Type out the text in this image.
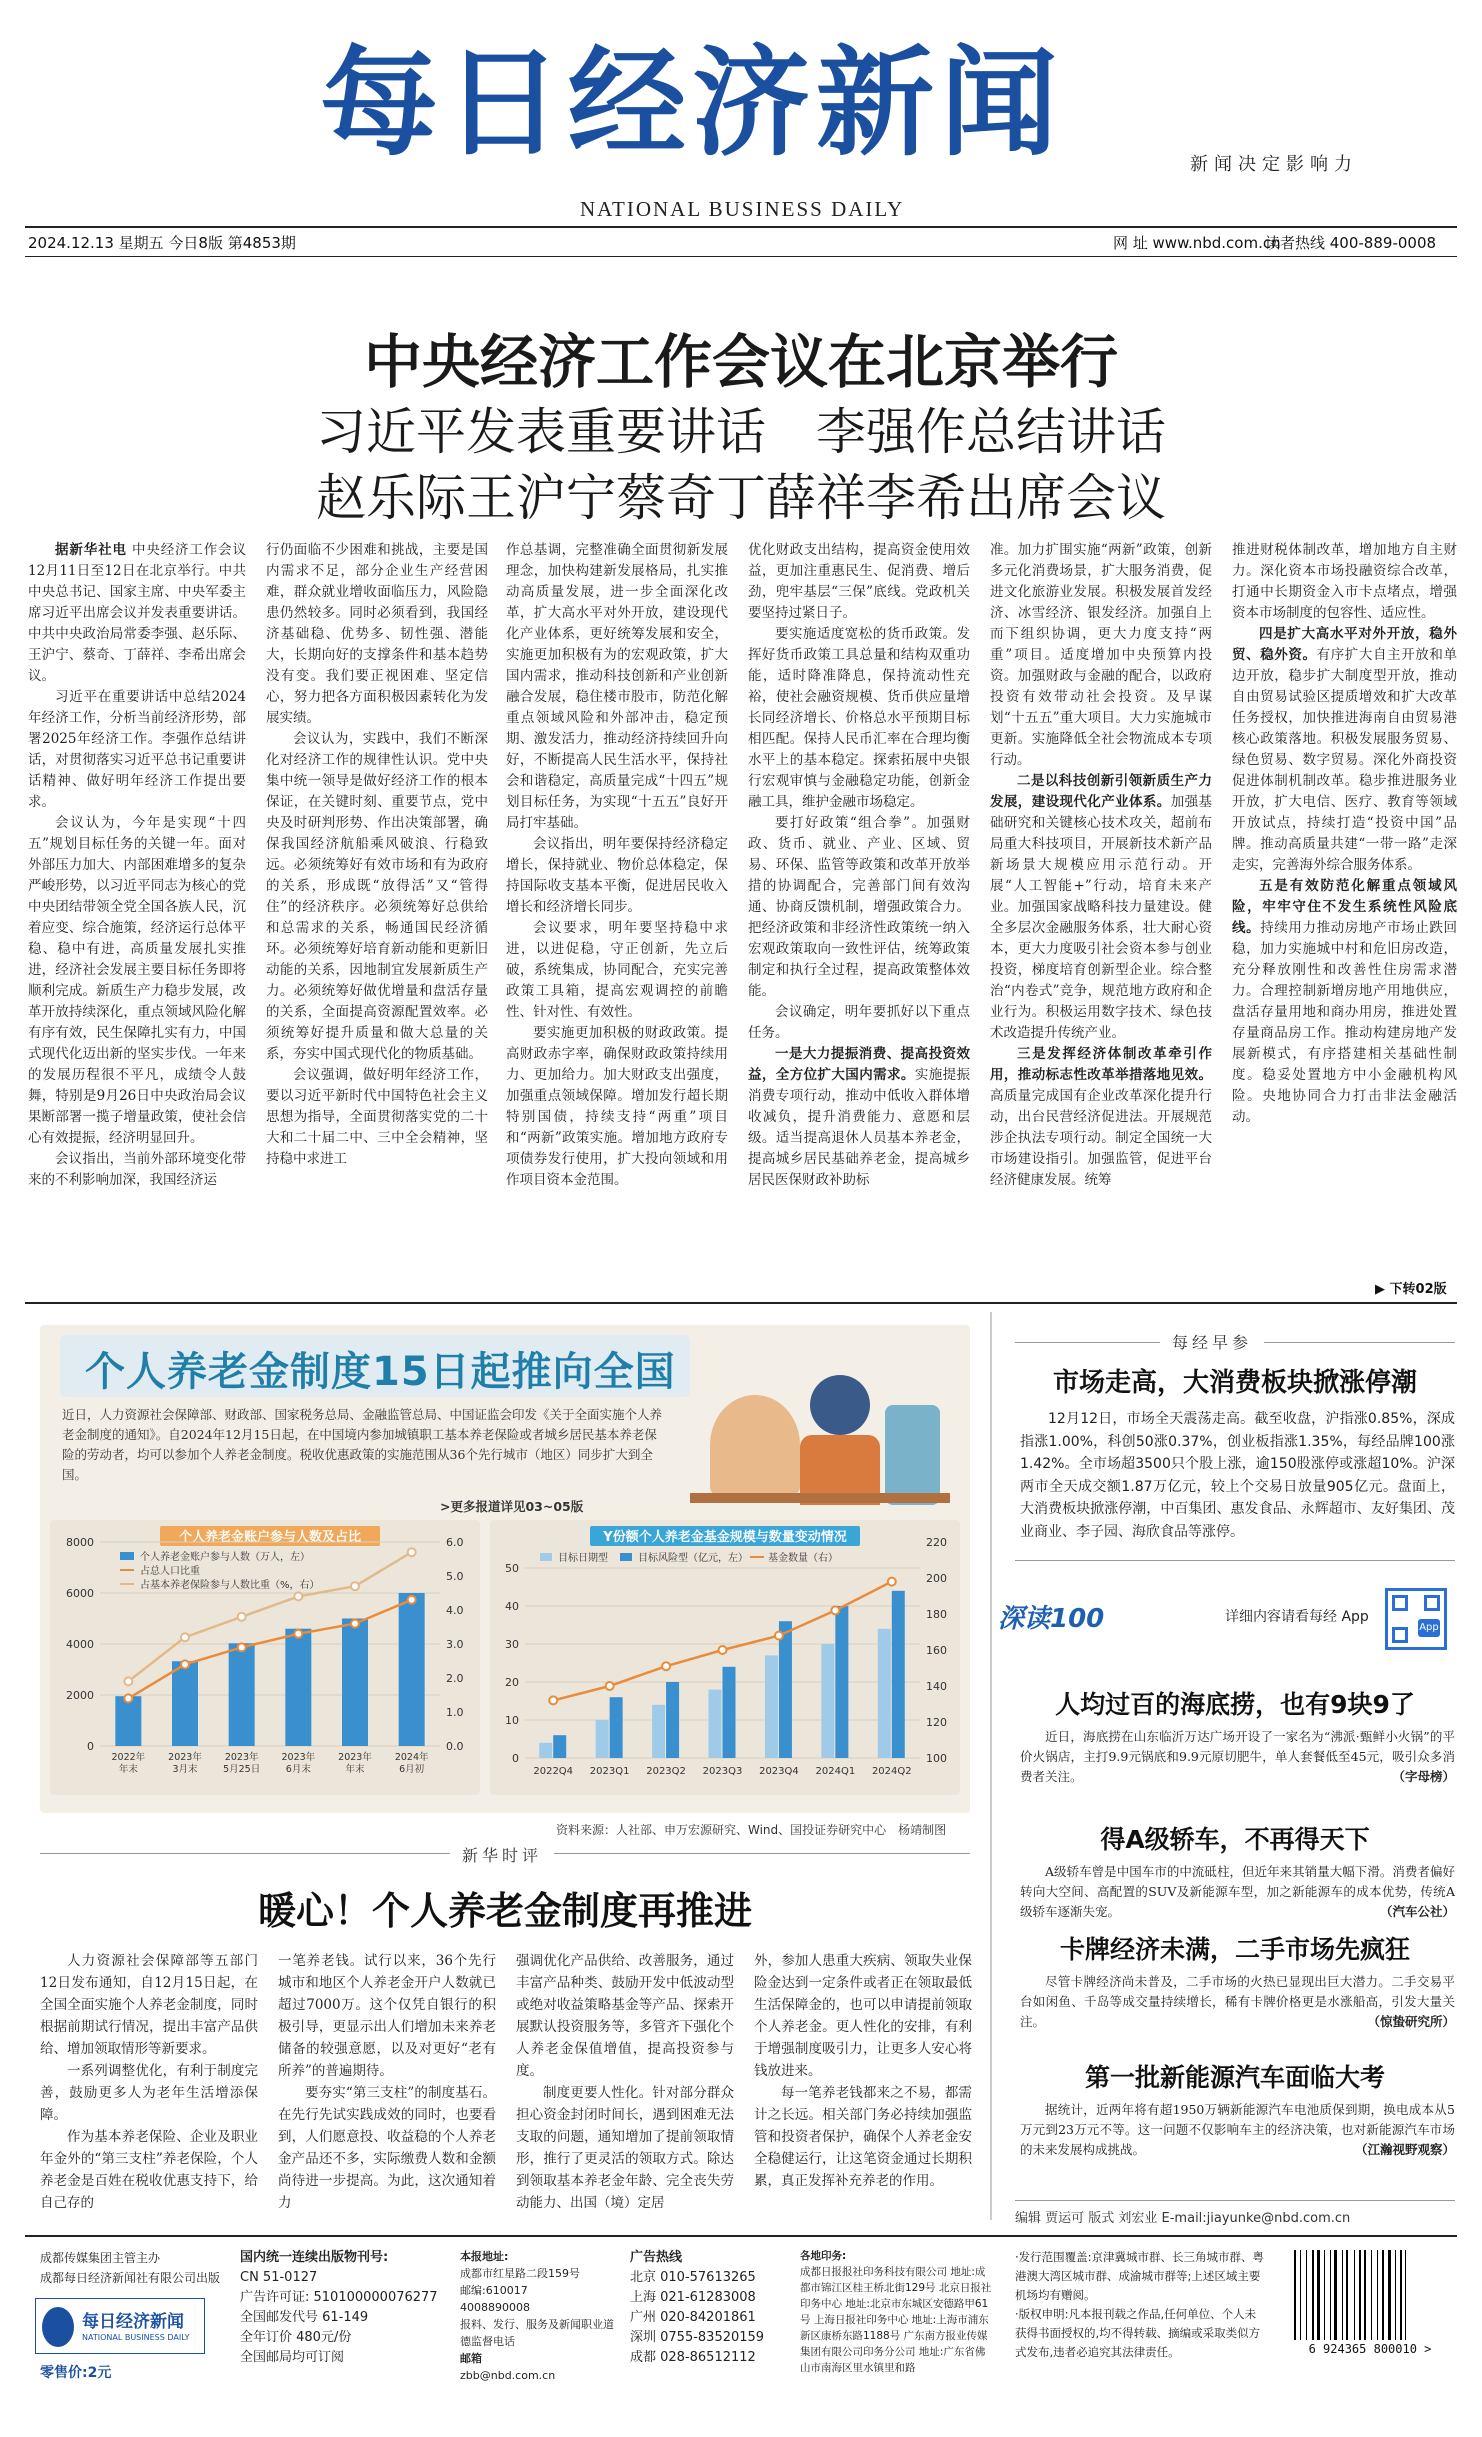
每日经济新闻	新闻决定影响力
NATIONAL BUSINESS DAILY
2024.12.13 星期五 今日8版 第4853期	网 址 www.nbd.com.cn
读者热线 400-889-0008
中央经济工作会议在北京举行
习近平发表重要讲话　李强作总结讲话
赵乐际王沪宁蔡奇丁薛祥李希出席会议

据新华社电 中央经济工作会议12月11日至12日在北京举行。中共中央总书记、国家主席、中央军委主席习近平出席会议并发表重要讲话。中共中央政治局常委李强、赵乐际、王沪宁、蔡奇、丁薛祥、李希出席会议。

习近平在重要讲话中总结2024年经济工作，分析当前经济形势，部署2025年经济工作。李强作总结讲话，对贯彻落实习近平总书记重要讲话精神、做好明年经济工作提出要求。

会议认为，今年是实现“十四五”规划目标任务的关键一年。面对外部压力加大、内部困难增多的复杂严峻形势，以习近平同志为核心的党中央团结带领全党全国各族人民，沉着应变、综合施策，经济运行总体平稳、稳中有进，高质量发展扎实推进，经济社会发展主要目标任务即将顺利完成。新质生产力稳步发展，改革开放持续深化，重点领域风险化解有序有效，民生保障扎实有力，中国式现代化迈出新的坚实步伐。一年来的发展历程很不平凡，成绩令人鼓舞，特别是9月26日中央政治局会议果断部署一揽子增量政策，使社会信心有效提振，经济明显回升。

会议指出，当前外部环境变化带来的不利影响加深，我国经济运

行仍面临不少困难和挑战，主要是国内需求不足，部分企业生产经营困难，群众就业增收面临压力，风险隐患仍然较多。同时必须看到，我国经济基础稳、优势多、韧性强、潜能大，长期向好的支撑条件和基本趋势没有变。我们要正视困难、坚定信心，努力把各方面积极因素转化为发展实绩。

会议认为，实践中，我们不断深化对经济工作的规律性认识。党中央集中统一领导是做好经济工作的根本保证，在关键时刻、重要节点，党中央及时研判形势、作出决策部署，确保我国经济航船乘风破浪、行稳致远。必须统筹好有效市场和有为政府的关系，形成既“放得活”又“管得住”的经济秩序。必须统筹好总供给和总需求的关系，畅通国民经济循环。必须统筹好培育新动能和更新旧动能的关系，因地制宜发展新质生产力。必须统筹好做优增量和盘活存量的关系，全面提高资源配置效率。必须统筹好提升质量和做大总量的关系，夯实中国式现代化的物质基础。

会议强调，做好明年经济工作，要以习近平新时代中国特色社会主义思想为指导，全面贯彻落实党的二十大和二十届二中、三中全会精神，坚持稳中求进工

作总基调，完整准确全面贯彻新发展理念，加快构建新发展格局，扎实推动高质量发展，进一步全面深化改革，扩大高水平对外开放，建设现代化产业体系，更好统筹发展和安全，实施更加积极有为的宏观政策，扩大国内需求，推动科技创新和产业创新融合发展，稳住楼市股市，防范化解重点领域风险和外部冲击，稳定预期、激发活力，推动经济持续回升向好，不断提高人民生活水平，保持社会和谐稳定，高质量完成“十四五”规划目标任务，为实现“十五五”良好开局打牢基础。

会议指出，明年要保持经济稳定增长，保持就业、物价总体稳定，保持国际收支基本平衡，促进居民收入增长和经济增长同步。

会议要求，明年要坚持稳中求进，以进促稳，守正创新，先立后破，系统集成，协同配合，充实完善政策工具箱，提高宏观调控的前瞻性、针对性、有效性。

要实施更加积极的财政政策。提高财政赤字率，确保财政政策持续用力、更加给力。加大财政支出强度，加强重点领域保障。增加发行超长期特别国债，持续支持“两重”项目和“两新”政策实施。增加地方政府专项债券发行使用，扩大投向领域和用作项目资本金范围。

优化财政支出结构，提高资金使用效益，更加注重惠民生、促消费、增后劲，兜牢基层“三保”底线。党政机关要坚持过紧日子。

要实施适度宽松的货币政策。发挥好货币政策工具总量和结构双重功能，适时降准降息，保持流动性充裕，使社会融资规模、货币供应量增长同经济增长、价格总水平预期目标相匹配。保持人民币汇率在合理均衡水平上的基本稳定。探索拓展中央银行宏观审慎与金融稳定功能，创新金融工具，维护金融市场稳定。

要打好政策“组合拳”。加强财政、货币、就业、产业、区域、贸易、环保、监管等政策和改革开放举措的协调配合，完善部门间有效沟通、协商反馈机制，增强政策合力。把经济政策和非经济性政策统一纳入宏观政策取向一致性评估，统筹政策制定和执行全过程，提高政策整体效能。

会议确定，明年要抓好以下重点任务。

一是大力提振消费、提高投资效益，全方位扩大国内需求。实施提振消费专项行动，推动中低收入群体增收减负，提升消费能力、意愿和层级。适当提高退休人员基本养老金，提高城乡居民基础养老金，提高城乡居民医保财政补助标

准。加力扩围实施“两新”政策，创新多元化消费场景，扩大服务消费，促进文化旅游业发展。积极发展首发经济、冰雪经济、银发经济。加强自上而下组织协调，更大力度支持“两重”项目。适度增加中央预算内投资。加强财政与金融的配合，以政府投资有效带动社会投资。及早谋划“十五五”重大项目。大力实施城市更新。实施降低全社会物流成本专项行动。

二是以科技创新引领新质生产力发展，建设现代化产业体系。加强基础研究和关键核心技术攻关，超前布局重大科技项目，开展新技术新产品新场景大规模应用示范行动。开展“人工智能+”行动，培育未来产业。加强国家战略科技力量建设。健全多层次金融服务体系，壮大耐心资本，更大力度吸引社会资本参与创业投资，梯度培育创新型企业。综合整治“内卷式”竞争，规范地方政府和企业行为。积极运用数字技术、绿色技术改造提升传统产业。

三是发挥经济体制改革牵引作用，推动标志性改革举措落地见效。高质量完成国有企业改革深化提升行动，出台民营经济促进法。开展规范涉企执法专项行动。制定全国统一大市场建设指引。加强监管，促进平台经济健康发展。统筹

推进财税体制改革，增加地方自主财力。深化资本市场投融资综合改革，打通中长期资金入市卡点堵点，增强资本市场制度的包容性、适应性。

四是扩大高水平对外开放，稳外贸、稳外资。有序扩大自主开放和单边开放，稳步扩大制度型开放，推动自由贸易试验区提质增效和扩大改革任务授权，加快推进海南自由贸易港核心政策落地。积极发展服务贸易、绿色贸易、数字贸易。深化外商投资促进体制机制改革。稳步推进服务业开放，扩大电信、医疗、教育等领域开放试点，持续打造“投资中国”品牌。推动高质量共建“一带一路”走深走实，完善海外综合服务体系。

五是有效防范化解重点领域风险，牢牢守住不发生系统性风险底线。持续用力推动房地产市场止跌回稳，加力实施城中村和危旧房改造，充分释放刚性和改善性住房需求潜力。合理控制新增房地产用地供应，盘活存量用地和商办用房，推进处置存量商品房工作。推动构建房地产发展新模式，有序搭建相关基础性制度。稳妥处置地方中小金融机构风险。央地协同合力打击非法金融活动。

▶ 下转02版
个人养老金制度15日起推向全国
近日，人力资源社会保障部、财政部、国家税务总局、金融监管总局、中国证监会印发《关于全面实施个人养老金制度的通知》。自2024年12月15日起，在中国境内参加城镇职工基本养老保险或者城乡居民基本养老保险的劳动者，均可以参加个人养老金制度。税收优惠政策的实施范围从36个先行城市（地区）同步扩大到全国。
>更多报道详见03~05版
个人养老金账户参与人数及占比
个人养老金账户参与人数（万人，左）
占总人口比重
占基本养老保险参与人数比重（%，右）
8000
6000
4000
2000
0
6.0
5.0
4.0
3.0
2.0
1.0
0.0
2022年
年末
2023年
3月末
2023年
5月25日
2023年
6月末
2023年
年末
2024年
6月初
Y份额个人养老金基金规模与数量变动情况
目标日期型	目标风险型（亿元，左） 基金数量（右）
50
40
30
20
10
0
220
200
180
160
140
120
100
2022Q4 2023Q1 2023Q2 2023Q3 2023Q4 2024Q1 2024Q2
资料来源：人社部、申万宏源研究、Wind、国投证券研究中心　杨靖制图
新华时评
暖心！个人养老金制度再推进

人力资源社会保障部等五部门12日发布通知，自12月15日起，在全国全面实施个人养老金制度，同时根据前期试行情况，提出丰富产品供给、增加领取情形等新要求。

一系列调整优化，有利于制度完善，鼓励更多人为老年生活增添保障。

作为基本养老保险、企业及职业年金外的“第三支柱”养老保险，个人养老金是百姓在税收优惠支持下，给自己存的

一笔养老钱。试行以来，36个先行城市和地区个人养老金开户人数就已超过7000万。这个仅凭自银行的积极引导，更显示出人们增加未来养老储备的较强意愿，以及对更好“老有所养”的普遍期待。

要夯实“第三支柱”的制度基石。在先行先试实践成效的同时，也要看到，人们愿意投、收益稳的个人养老金产品还不多，实际缴费人数和金额尚待进一步提高。为此，这次通知着力

强调优化产品供给、改善服务，通过丰富产品种类、鼓励开发中低波动型或绝对收益策略基金等产品、探索开展默认投资服务等，多管齐下强化个人养老金保值增值，提高投资参与度。

制度更要人性化。针对部分群众担心资金封闭时间长，遇到困难无法支取的问题，通知增加了提前领取情形，推行了更灵活的领取方式。除达到领取基本养老金年龄、完全丧失劳动能力、出国（境）定居

外，参加人患重大疾病、领取失业保险金达到一定条件或者正在领取最低生活保障金的，也可以申请提前领取个人养老金。更人性化的安排，有利于增强制度吸引力，让更多人安心将钱放进来。

每一笔养老钱都来之不易，都需计之长远。相关部门务必持续加强监管和投资者保护，确保个人养老金安全稳健运行，让这笔资金通过长期积累，真正发挥补充养老的作用。

每经早参
市场走高，大消费板块掀涨停潮
12月12日，市场全天震荡走高。截至收盘，沪指涨0.85%，深成指涨1.00%，科创50涨0.37%，创业板指涨1.35%，每经品牌100涨1.42%。全市场超3500只个股上涨，逾150股涨停或涨超10%。沪深两市全天成交额1.87万亿元，较上个交易日放量905亿元。盘面上，大消费板块掀涨停潮，中百集团、惠发食品、永辉超市、友好集团、茂业商业、李子园、海欣食品等涨停。
深读100	详细内容请看每经 App
App
人均过百的海底捞，也有9块9了
近日，海底捞在山东临沂万达广场开设了一家名为“沸派·甄鲜小火锅”的平价火锅店，主打9.9元锅底和9.9元原切肥牛，单人套餐低至45元，吸引众多消费者关注。	（字母榜）
得A级轿车，不再得天下
A级轿车曾是中国车市的中流砥柱，但近年来其销量大幅下滑。消费者偏好转向大空间、高配置的SUV及新能源车型，加之新能源车的成本优势，传统A级轿车逐渐失宠。	（汽车公社）
卡牌经济未满，二手市场先疯狂
尽管卡牌经济尚未普及，二手市场的火热已显现出巨大潜力。二手交易平台如闲鱼、千岛等成交量持续增长，稀有卡牌价格更是水涨船高，引发大量关注。	（惊蛰研究所）
第一批新能源汽车面临大考
据统计，近两年将有超1950万辆新能源汽车电池质保到期，换电成本从5万元到23万元不等。这一问题不仅影响车主的经济决策，也对新能源汽车市场的未来发展构成挑战。	（江瀚视野观察）
编辑 贾运可 版式 刘宏业 E-mail:jiayunke@nbd.com.cn
成都传媒集团主管主办
成都每日经济新闻社有限公司出版
每日经济新闻
NATIONAL BUSINESS DAILY
零售价:2元
国内统一连续出版物刊号:
CN 51-0127
广告许可证: 510100000076277
全国邮发代号 61-149
全年订价 480元/份
全国邮局均可订阅
本报地址:
成都市红星路二段159号
邮编:610017
4008890008
报料、发行、服务及新闻职业道德监督电话
邮箱
zbb@nbd.com.cn
广告热线
北京 010-57613265
上海 021-61283008
广州 020-84201861
深圳 0755-83520159
成都 028-86512112
各地印务:
成都日报报社印务科技有限公司 地址:成都市锦江区桂王桥北街129号 北京日报社印务中心 地址:北京市东城区安德路甲61号 上海日报社印务中心 地址:上海市浦东新区康桥东路1188号 广东南方报业传媒集团有限公司印务分公司 地址:广东省佛山市南海区里水镇里和路
·发行范围覆盖:京津冀城市群、长三角城市群、粤港澳大湾区城市群、成渝城市群等;上述区域主要机场均有赠阅。
·版权申明:凡本报刊载之作品,任何单位、个人未获得书面授权的,均不得转载、摘编或采取类似方式发布,违者必追究其法律责任。	6 924365 800010 >
